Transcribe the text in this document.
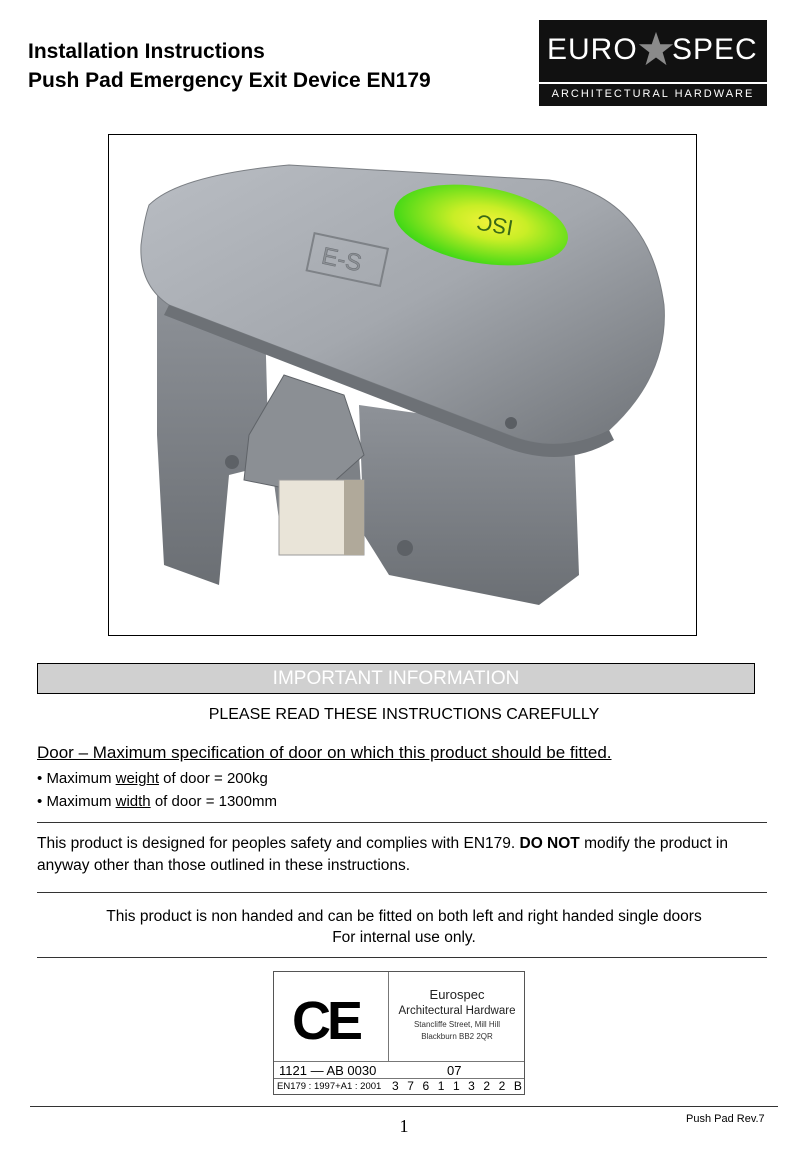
Installation Instructions
Push Pad Emergency Exit Device EN179
EURO SPEC
ARCHITECTURAL HARDWARE
ISC
E-S
IMPORTANT INFORMATION
PLEASE READ THESE INSTRUCTIONS CAREFULLY
Door – Maximum specification of door on which this product should be fitted.
• Maximum weight of door = 200kg
• Maximum width of door = 1300mm
This product is designed for peoples safety and complies with EN179. DO NOT modify the product in anyway other than those outlined in these instructions.
This product is non handed and can be fitted on both left and right handed single doors
For internal use only.
CE	Eurospec
Architectural Hardware
Stancliffe Street, Mill Hill
Blackburn BB2 2QR
1121 — AB 0030	07
EN179 : 1997+A1 : 2001 3 7 6 1 1 3 2 2 B
1	Push Pad Rev.7
